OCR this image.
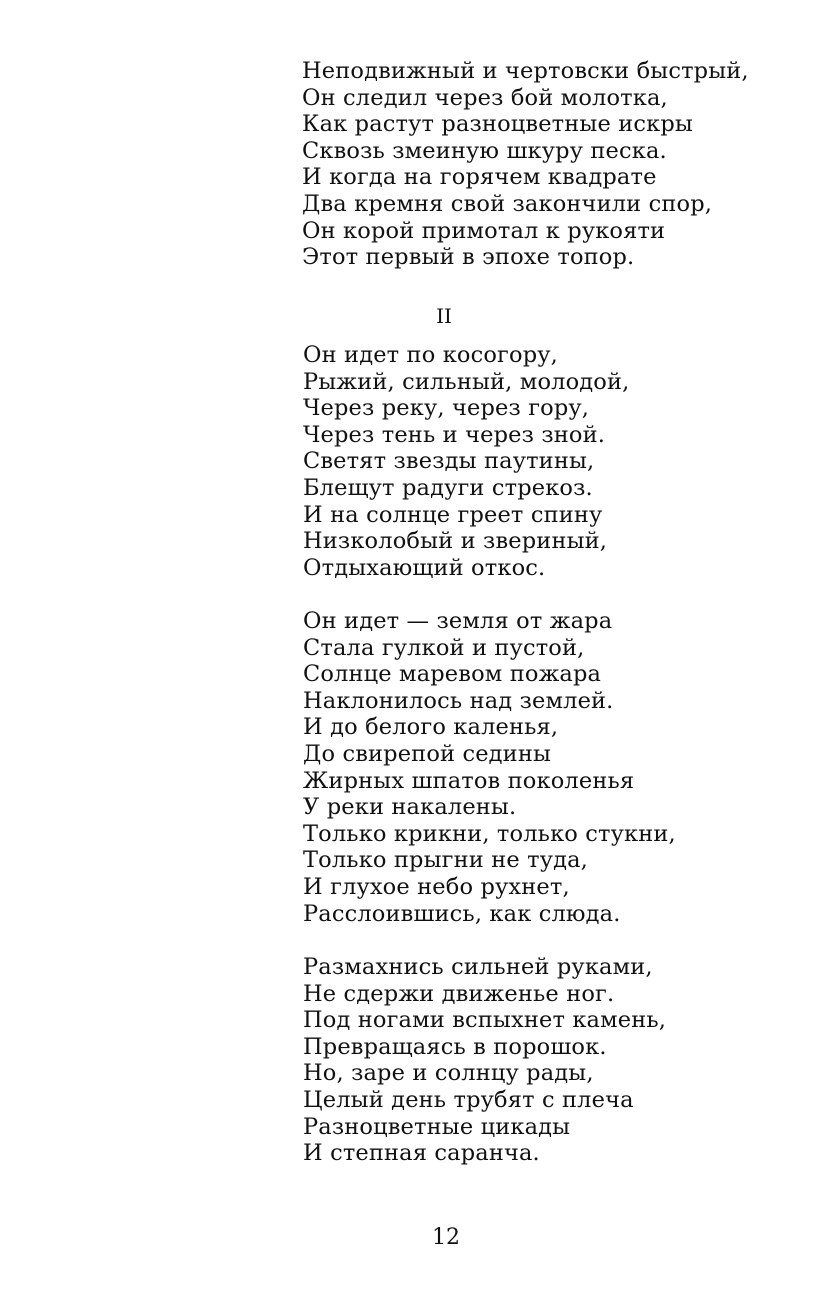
Неподвижный и чертовски быстрый,
Он следил через бой молотка,
Как растут разноцветные искры
Сквозь змеиную шкуру песка.
И когда на горячем квадрате
Два кремня свой закончили спор,
Он корой примотал к рукояти
Этот первый в эпохе топор.
II
Он идет по косогору,
Рыжий, сильный, молодой,
Через реку, через гору,
Через тень и через зной.
Светят звезды паутины,
Блещут радуги стрекоз.
И на солнце греет спину
Низколобый и звериный,
Отдыхающий откос.
Он идет — земля от жара
Стала гулкой и пустой,
Солнце маревом пожара
Наклонилось над землей.
И до белого каленья,
До свирепой седины
Жирных шпатов поколенья
У реки накалены.
Только крикни, только стукни,
Только прыгни не туда,
И глухое небо рухнет,
Расслоившись, как слюда.
Размахнись сильней руками,
Не сдержи движенье ног.
Под ногами вспыхнет камень,
Превращаясь в порошок.
Но, заре и солнцу рады,
Целый день трубят с плеча
Разноцветные цикады
И степная саранча.
12
